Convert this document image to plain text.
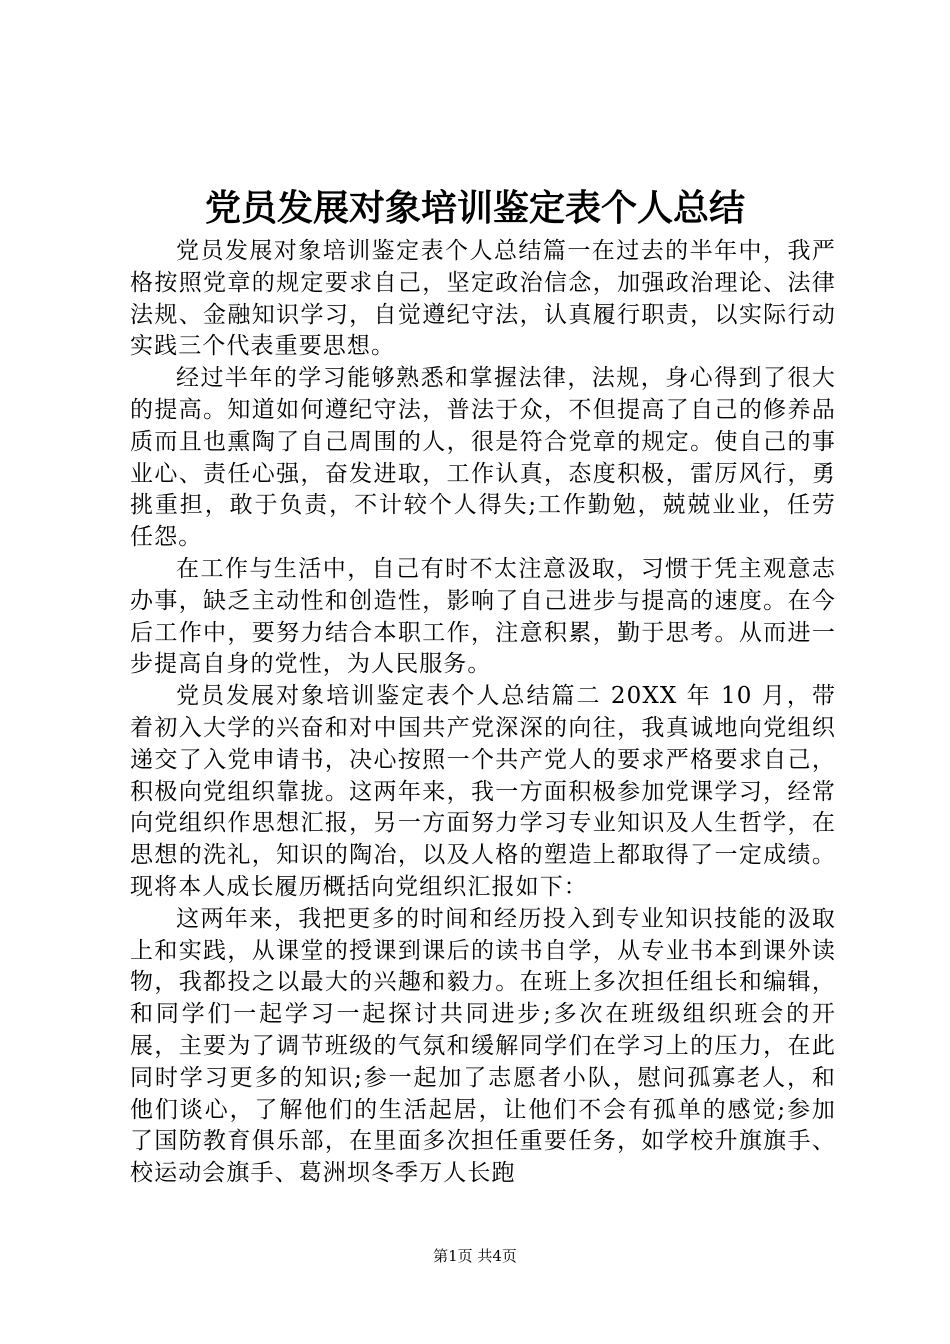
党员发展对象培训鉴定表个人总结

党员发展对象培训鉴定表个人总结篇一在过去的半年中，我严格按照党章的规定要求自己，坚定政治信念，加强政治理论、法律法规、金融知识学习，自觉遵纪守法，认真履行职责，以实际行动实践三个代表重要思想。

经过半年的学习能够熟悉和掌握法律，法规，身心得到了很大的提高。知道如何遵纪守法，普法于众，不但提高了自己的修养品质而且也熏陶了自己周围的人，很是符合党章的规定。使自己的事业心、责任心强，奋发进取，工作认真，态度积极，雷厉风行，勇挑重担，敢于负责，不计较个人得失;工作勤勉，兢兢业业，任劳任怨。

在工作与生活中，自己有时不太注意汲取，习惯于凭主观意志办事，缺乏主动性和创造性，影响了自己进步与提高的速度。在今后工作中，要努力结合本职工作，注意积累，勤于思考。从而进一步提高自身的党性，为人民服务。

党员发展对象培训鉴定表个人总结篇二 20XX 年 10 月，带着初入大学的兴奋和对中国共产党深深的向往，我真诚地向党组织递交了入党申请书，决心按照一个共产党人的要求严格要求自己，积极向党组织靠拢。这两年来，我一方面积极参加党课学习，经常向党组织作思想汇报，另一方面努力学习专业知识及人生哲学，在思想的洗礼，知识的陶冶，以及人格的塑造上都取得了一定成绩。现将本人成长履历概括向党组织汇报如下：

这两年来，我把更多的时间和经历投入到专业知识技能的汲取上和实践，从课堂的授课到课后的读书自学，从专业书本到课外读物，我都投之以最大的兴趣和毅力。在班上多次担任组长和编辑，和同学们一起学习一起探讨共同进步;多次在班级组织班会的开展，主要为了调节班级的气氛和缓解同学们在学习上的压力，在此同时学习更多的知识;参一起加了志愿者小队，慰问孤寡老人，和他们谈心，了解他们的生活起居，让他们不会有孤单的感觉;参加了国防教育俱乐部，在里面多次担任重要任务，如学校升旗旗手、校运动会旗手、葛洲坝冬季万人长跑

第1页 共4页
